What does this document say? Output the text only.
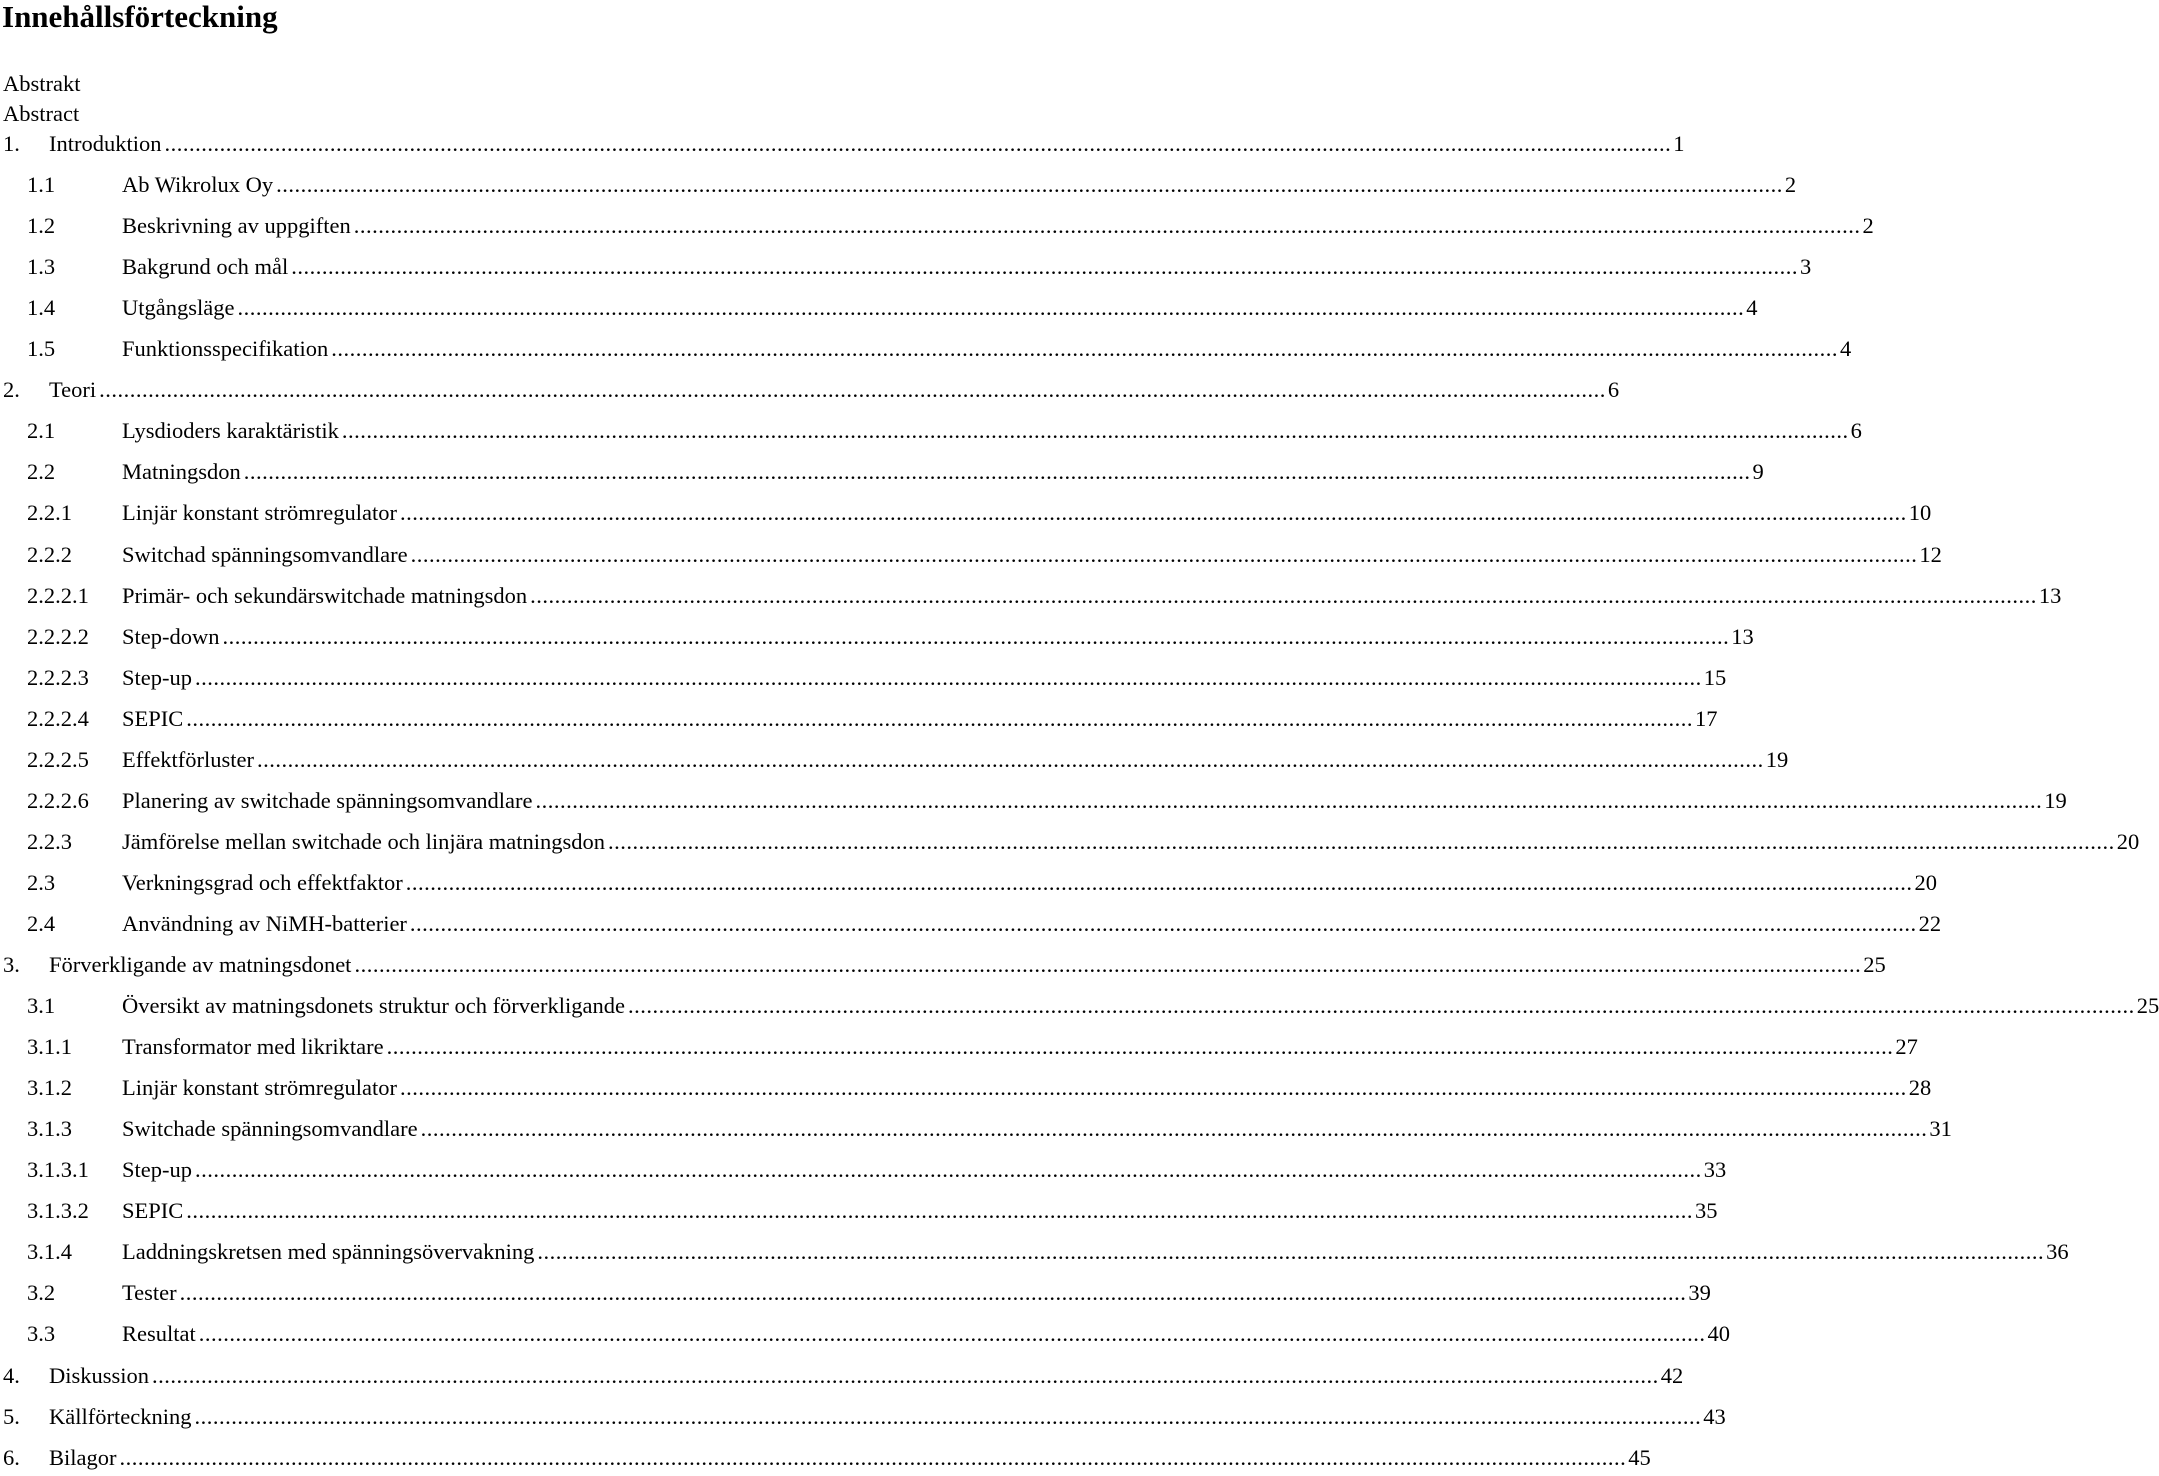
Innehållsförteckning
Abstrakt
Abstract
1. Introduktion ...................................................................................................................................................................................................................................................... 1
1.1	Ab Wikrolux Oy ...................................................................................................................................................................................................................................................... 2
1.2	Beskrivning av uppgiften ...................................................................................................................................................................................................................................................... 2
1.3	Bakgrund och mål ...................................................................................................................................................................................................................................................... 3
1.4	Utgångsläge ...................................................................................................................................................................................................................................................... 4
1.5	Funktionsspecifikation ...................................................................................................................................................................................................................................................... 4
2. Teori ...................................................................................................................................................................................................................................................... 6
2.1	Lysdioders karaktäristik ...................................................................................................................................................................................................................................................... 6
2.2	Matningsdon ...................................................................................................................................................................................................................................................... 9
2.2.1 Linjär konstant strömregulator ...................................................................................................................................................................................................................................................... 10
2.2.2 Switchad spänningsomvandlare ...................................................................................................................................................................................................................................................... 12
2.2.2.1 Primär- och sekundärswitchade matningsdon ...................................................................................................................................................................................................................................................... 13
2.2.2.2 Step-down ...................................................................................................................................................................................................................................................... 13
2.2.2.3 Step-up ...................................................................................................................................................................................................................................................... 15
2.2.2.4 SEPIC ...................................................................................................................................................................................................................................................... 17
2.2.2.5 Effektförluster ...................................................................................................................................................................................................................................................... 19
2.2.2.6 Planering av switchade spänningsomvandlare ...................................................................................................................................................................................................................................................... 19
2.2.3 Jämförelse mellan switchade och linjära matningsdon ...................................................................................................................................................................................................................................................... 20
2.3	Verkningsgrad och effektfaktor ...................................................................................................................................................................................................................................................... 20
2.4	Användning av NiMH-batterier ...................................................................................................................................................................................................................................................... 22
3. Förverkligande av matningsdonet ...................................................................................................................................................................................................................................................... 25
3.1	Översikt av matningsdonets struktur och förverkligande ...................................................................................................................................................................................................................................................... 25
3.1.1 Transformator med likriktare ...................................................................................................................................................................................................................................................... 27
3.1.2 Linjär konstant strömregulator ...................................................................................................................................................................................................................................................... 28
3.1.3 Switchade spänningsomvandlare ...................................................................................................................................................................................................................................................... 31
3.1.3.1 Step-up ...................................................................................................................................................................................................................................................... 33
3.1.3.2 SEPIC ...................................................................................................................................................................................................................................................... 35
3.1.4 Laddningskretsen med spänningsövervakning ...................................................................................................................................................................................................................................................... 36
3.2	Tester ...................................................................................................................................................................................................................................................... 39
3.3	Resultat ...................................................................................................................................................................................................................................................... 40
4. Diskussion ...................................................................................................................................................................................................................................................... 42
5. Källförteckning ...................................................................................................................................................................................................................................................... 43
6. Bilagor ...................................................................................................................................................................................................................................................... 45
